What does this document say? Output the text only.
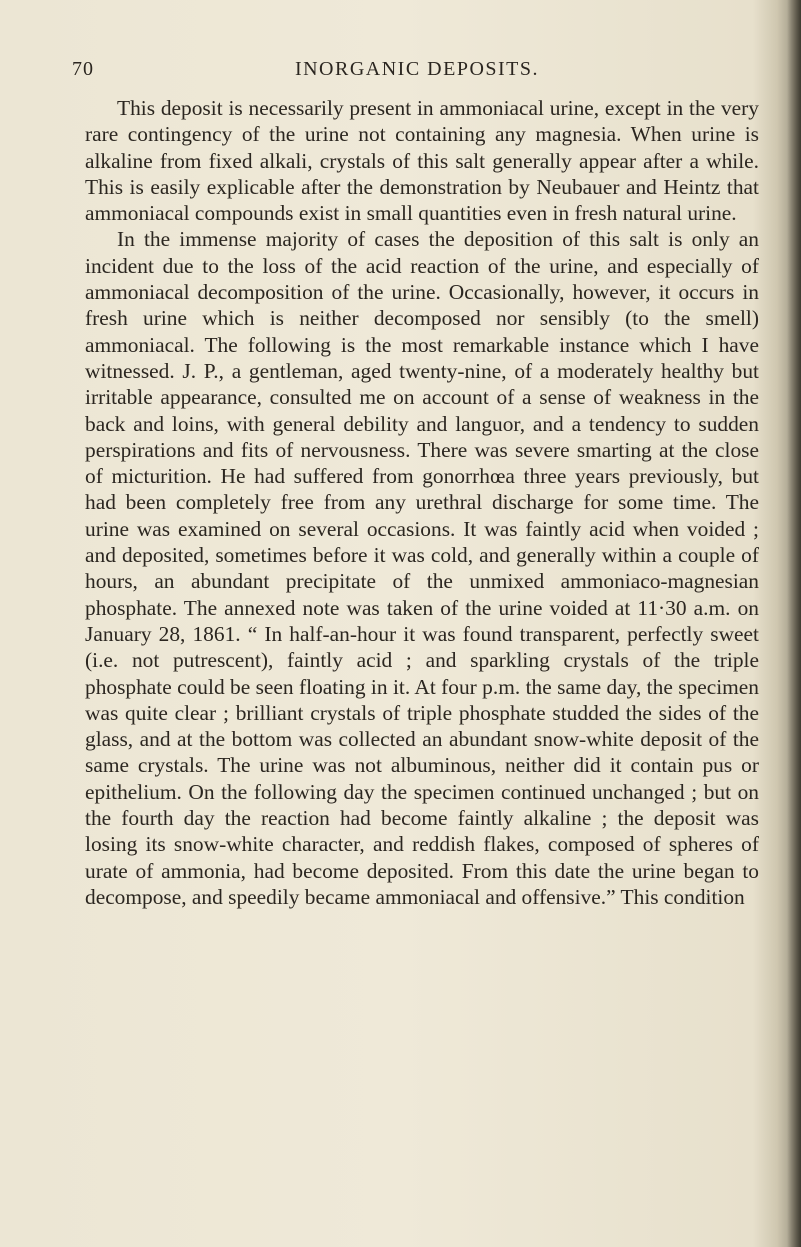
70	INORGANIC DEPOSITS.

This deposit is necessarily present in ammoniacal urine, except in the very rare contingency of the urine not containing any magnesia. When urine is alkaline from fixed alkali, crystals of this salt generally appear after a while. This is easily explicable after the demonstration by Neubauer and Heintz that ammoniacal compounds exist in small quantities even in fresh natural urine.

In the immense majority of cases the deposition of this salt is only an incident due to the loss of the acid reaction of the urine, and especially of ammoniacal decomposition of the urine. Occasionally, however, it occurs in fresh urine which is neither decomposed nor sensibly (to the smell) ammoniacal. The following is the most remarkable instance which I have witnessed. J. P., a gentleman, aged twenty-nine, of a moderately healthy but irritable appearance, consulted me on account of a sense of weakness in the back and loins, with general debility and languor, and a tendency to sudden perspirations and fits of nervousness. There was severe smarting at the close of micturition. He had suffered from gonorrhœa three years previously, but had been completely free from any urethral discharge for some time. The urine was examined on several occasions. It was faintly acid when voided ; and deposited, sometimes before it was cold, and generally within a couple of hours, an abundant precipitate of the unmixed ammoniaco-magnesian phosphate. The annexed note was taken of the urine voided at 11·30 a.m. on January 28, 1861. “ In half-an-hour it was found transparent, perfectly sweet (i.e. not putrescent), faintly acid ; and sparkling crystals of the triple phosphate could be seen floating in it. At four p.m. the same day, the specimen was quite clear ; brilliant crystals of triple phosphate studded the sides of the glass, and at the bottom was collected an abundant snow-white deposit of the same crystals. The urine was not albuminous, neither did it contain pus or epithelium. On the following day the specimen continued unchanged ; but on the fourth day the reaction had become faintly alkaline ; the deposit was losing its snow-white character, and reddish flakes, composed of spheres of urate of ammonia, had become deposited. From this date the urine began to decompose, and speedily became ammoniacal and offensive.” This condition
